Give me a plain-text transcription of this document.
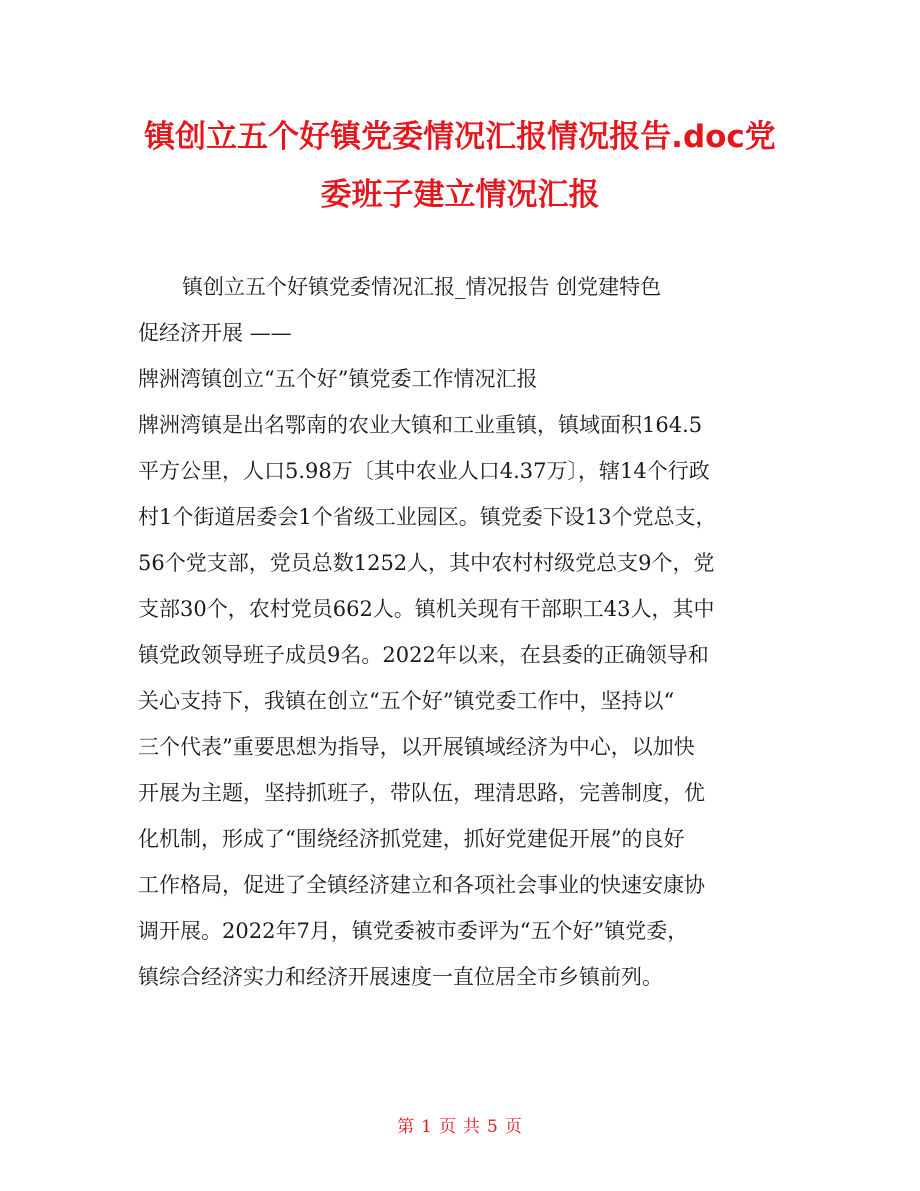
镇创立五个好镇党委情况汇报情况报告.doc党
委班子建立情况汇报
镇创立五个好镇党委情况汇报_情况报告 创党建特色
促经济开展 ——
牌洲湾镇创立“五个好”镇党委工作情况汇报
牌洲湾镇是出名鄂南的农业大镇和工业重镇，镇域面积164.5
平方公里，人口5.98万〔其中农业人口4.37万〕，辖14个行政
村1个街道居委会1个省级工业园区。镇党委下设13个党总支，
56个党支部，党员总数1252人，其中农村村级党总支9个，党
支部30个，农村党员662人。镇机关现有干部职工43人，其中
镇党政领导班子成员9名。2022年以来，在县委的正确领导和
关心支持下，我镇在创立“五个好”镇党委工作中，坚持以“
三个代表”重要思想为指导，以开展镇域经济为中心，以加快
开展为主题，坚持抓班子，带队伍，理清思路，完善制度，优
化机制，形成了“围绕经济抓党建，抓好党建促开展”的良好
工作格局，促进了全镇经济建立和各项社会事业的快速安康协
调开展。2022年7月，镇党委被市委评为“五个好”镇党委，
镇综合经济实力和经济开展速度一直位居全市乡镇前列。
第 1 页 共 5 页
